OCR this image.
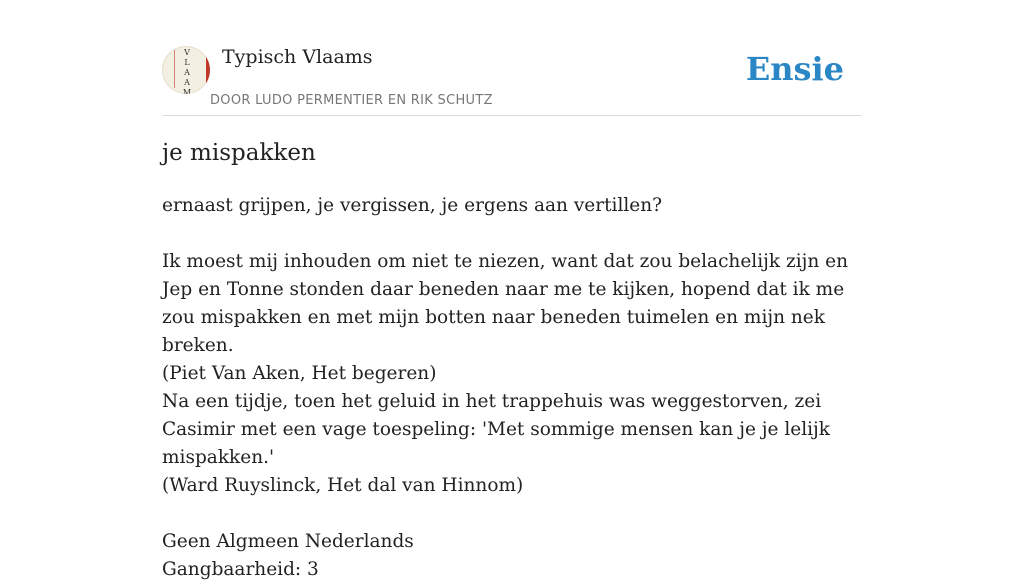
V
L
A
A
M
Typisch Vlaams
DOOR LUDO PERMENTIER EN RIK SCHUTZ
Ensie
je mispakken

ernaast grijpen, je vergissen, je ergens aan vertillen?

Ik moest mij inhouden om niet te niezen, want dat zou belachelijk zijn en Jep en Tonne stonden daar beneden naar me te kijken, hopend dat ik me zou mispakken en met mijn botten naar beneden tuimelen en mijn nek breken.

(Piet Van Aken, Het begeren)

Na een tijdje, toen het geluid in het trappehuis was weggestorven, zei Casimir met een vage toespeling: 'Met sommige mensen kan je je lelijk mispakken.'

(Ward Ruyslinck, Het dal van Hinnom)

Geen Algmeen Nederlands

Gangbaarheid: 3
